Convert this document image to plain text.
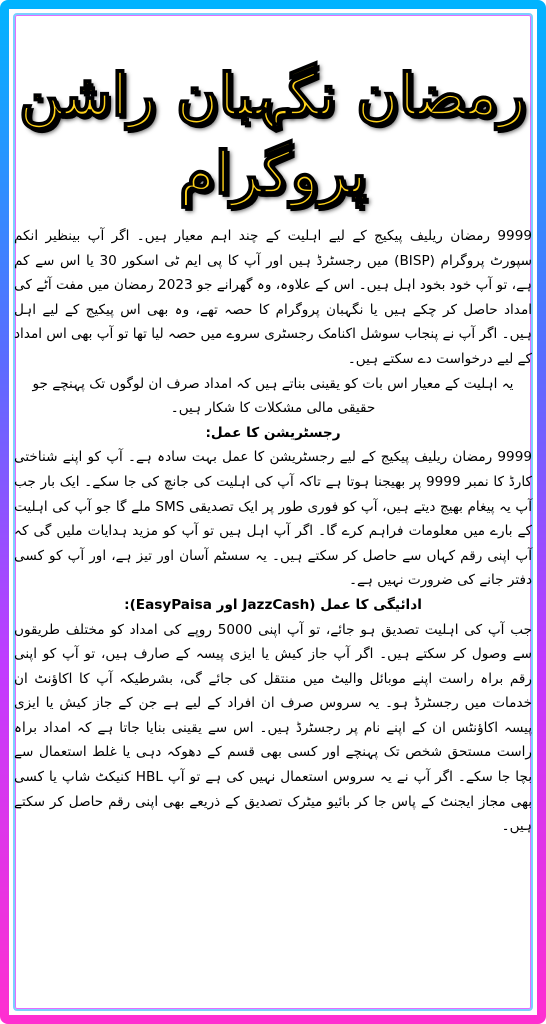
رمضان نگہبان راشن
پروگرام

9999 رمضان ریلیف پیکیج کے لیے اہلیت کے چند اہم معیار ہیں۔ اگر آپ بینظیر انکم سپورٹ پروگرام (BISP) میں رجسٹرڈ ہیں اور آپ کا پی ایم ٹی اسکور 30 یا اس سے کم ہے، تو آپ خود بخود اہل ہیں۔ اس کے علاوہ، وہ گھرانے جو 2023 رمضان میں مفت آٹے کی امداد حاصل کر چکے ہیں یا نگہبان پروگرام کا حصہ تھے، وہ بھی اس پیکیج کے لیے اہل ہیں۔ اگر آپ نے پنجاب سوشل اکنامک رجسٹری سروے میں حصہ لیا تھا تو آپ بھی اس امداد کے لیے درخواست دے سکتے ہیں۔

یہ اہلیت کے معیار اس بات کو یقینی بناتے ہیں کہ امداد صرف ان لوگوں تک پہنچے جو حقیقی مالی مشکلات کا شکار ہیں۔

رجسٹریشن کا عمل:

9999 رمضان ریلیف پیکیج کے لیے رجسٹریشن کا عمل بہت سادہ ہے۔ آپ کو اپنے شناختی کارڈ کا نمبر 9999 پر بھیجنا ہوتا ہے تاکہ آپ کی اہلیت کی جانچ کی جا سکے۔ ایک بار جب آپ یہ پیغام بھیج دیتے ہیں، آپ کو فوری طور پر ایک تصدیقی SMS ملے گا جو آپ کی اہلیت کے بارے میں معلومات فراہم کرے گا۔ اگر آپ اہل ہیں تو آپ کو مزید ہدایات ملیں گی کہ آپ اپنی رقم کہاں سے حاصل کر سکتے ہیں۔ یہ سسٹم آسان اور تیز ہے، اور آپ کو کسی دفتر جانے کی ضرورت نہیں ہے۔

ادائیگی کا عمل (JazzCash اور EasyPaisa):

جب آپ کی اہلیت تصدیق ہو جائے، تو آپ اپنی 5000 روپے کی امداد کو مختلف طریقوں سے وصول کر سکتے ہیں۔ اگر آپ جاز کیش یا ایزی پیسہ کے صارف ہیں، تو آپ کو اپنی رقم براہ راست اپنے موبائل والیٹ میں منتقل کی جائے گی، بشرطیکہ آپ کا اکاؤنٹ ان خدمات میں رجسٹرڈ ہو۔ یہ سروس صرف ان افراد کے لیے ہے جن کے جاز کیش یا ایزی پیسہ اکاؤنٹس ان کے اپنے نام پر رجسٹرڈ ہیں۔ اس سے یقینی بنایا جاتا ہے کہ امداد براہ راست مستحق شخص تک پہنچے اور کسی بھی قسم کے دھوکہ دہی یا غلط استعمال سے بچا جا سکے۔ اگر آپ نے یہ سروس استعمال نہیں کی ہے تو آپ HBL کنیکٹ شاپ یا کسی بھی مجاز ایجنٹ کے پاس جا کر بائیو میٹرک تصدیق کے ذریعے بھی اپنی رقم حاصل کر سکتے ہیں۔
